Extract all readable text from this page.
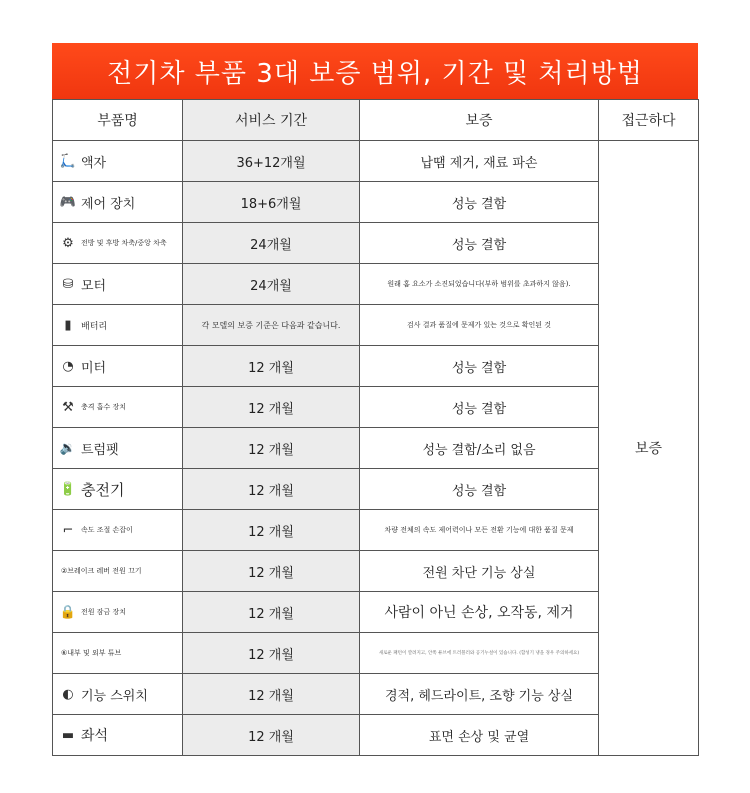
전기차 부품 3대 보증 범위, 기간 및 처리방법
부품명	서비스 기간	보증	접근하다

🛴 액자	36+12개월	납땜 제거, 재료 파손	보증

🎮 제어 장치	18+6개월	성능 결함	

⚙ 전방 및 후방 차축/중앙 차축	24개월	성능 결함	

⛁ 모터	24개월	원래 홈 요소가 소진되었습니다(부하 범위를 초과하지 않음).	

▮ 배터리	각 모델의 보증 기준은 다음과 같습니다.	검사 결과 품질에 문제가 있는 것으로 확인된 것	

◔ 미터	12 개월	성능 결함	

⚒ 충격 흡수 장치	12 개월	성능 결함	

🔉 트럼펫	12 개월	성능 결함/소리 없음	

🔋 충전기	12 개월	성능 결함	

⌐ 속도 조절 손잡이	12 개월	차량 전체의 속도 제어력이나 모든 전환 기능에 대한 품질 문제	

②브레이크 레버 전원 끄기	12 개월	전원 차단 기능 상실	

🔒 전원 잠금 장치	12 개월	사람이 아닌 손상, 오작동, 제거	

⑥내부 및 외부 튜브	12 개월	새로운 패턴이 깔려지고, 안쪽 튜브에 트러블러와 공기누설이 있습니다. (합성기 냉을 경우 주의하세요)	

◐ 기능 스위치	12 개월	경적, 헤드라이트, 조향 기능 상실	

▬ 좌석	12 개월	표면 손상 및 균열	
